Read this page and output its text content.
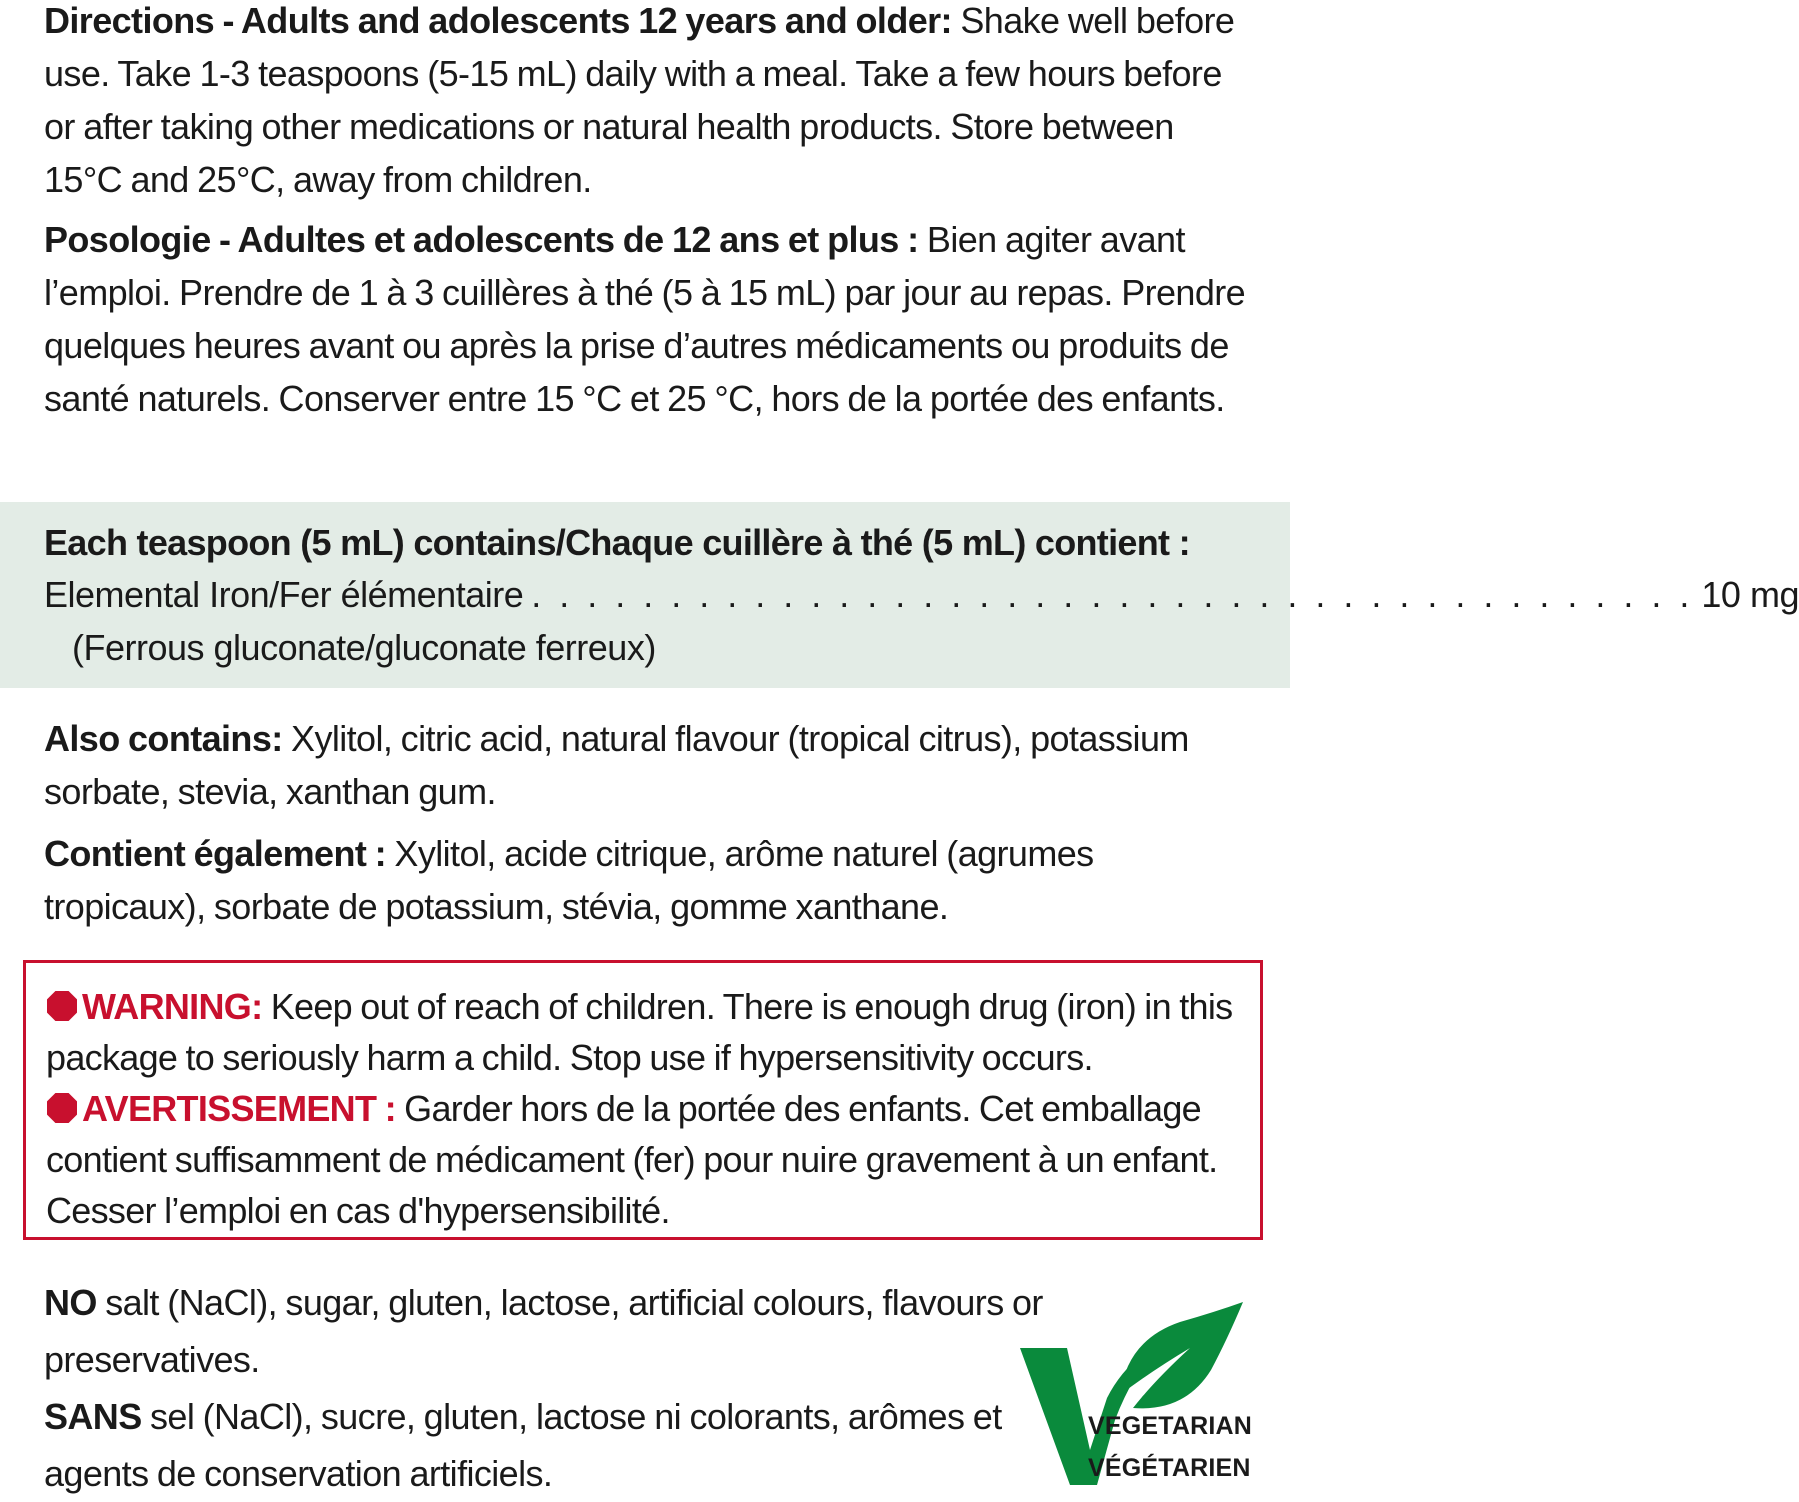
Directions - Adults and adolescents 12 years and older: Shake well before use. Take 1-3 teaspoons (5-15 mL) daily with a meal. Take a few hours before or after taking other medications or natural health products. Store between 15°C and 25°C, away from children.
Posologie - Adultes et adolescents de 12 ans et plus : Bien agiter avant l’emploi. Prendre de 1 à 3 cuillères à thé (5 à 15 mL) par jour au repas. Prendre quelques heures avant ou après la prise d’autres médicaments ou produits de santé naturels. Conserver entre 15 °C et 25 °C, hors de la portée des enfants.
Each teaspoon (5 mL) contains/Chaque cuillère à thé (5 mL) contient :
Elemental Iron/Fer élémentaire . . . . . . . . . . . . . . . . . . . . . . . . . . . . . . . . . . . . . . . . . . 10 mg
(Ferrous gluconate/gluconate ferreux)
Also contains: Xylitol, citric acid, natural flavour (tropical citrus), potassium sorbate, stevia, xanthan gum.
Contient également : Xylitol, acide citrique, arôme naturel (agrumes tropicaux), sorbate de potassium, stévia, gomme xanthane.
WARNING: Keep out of reach of children. There is enough drug (iron) in this package to seriously harm a child. Stop use if hypersensitivity occurs.
AVERTISSEMENT : Garder hors de la portée des enfants. Cet emballage contient suffisamment de médicament (fer) pour nuire gravement à un enfant. Cesser l’emploi en cas d'hypersensibilité.
NO salt (NaCl), sugar, gluten, lactose, artificial colours, flavours or preservatives.
SANS sel (NaCl), sucre, gluten, lactose ni colorants, arômes et agents de conservation artificiels.
VEGETARIAN
VÉGÉTARIEN
